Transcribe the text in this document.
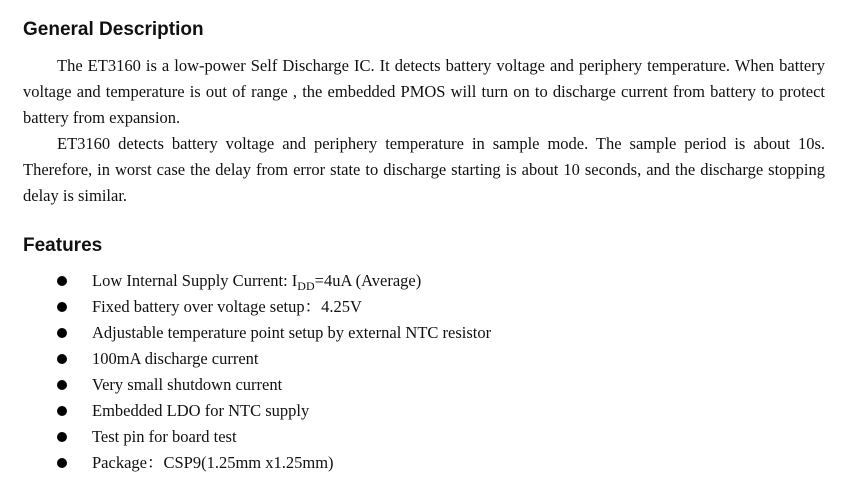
General Description

The ET3160 is a low-power Self Discharge IC. It detects battery voltage and periphery temperature. When battery voltage and temperature is out of range , the embedded PMOS will turn on to discharge current from battery to protect battery from expansion.

ET3160 detects battery voltage and periphery temperature in sample mode. The sample period is about 10s. Therefore, in worst case the delay from error state to discharge starting is about 10 seconds, and the discharge stopping delay is similar.

Features
Low Internal Supply Current: $I_{DD}=4uA$ (Average)
Fixed battery over voltage setup：4.25V
Adjustable temperature point setup by external NTC resistor
100mA discharge current
Very small shutdown current
Embedded LDO for NTC supply
Test pin for board test
Package：CSP9(1.25mm x1.25mm)
